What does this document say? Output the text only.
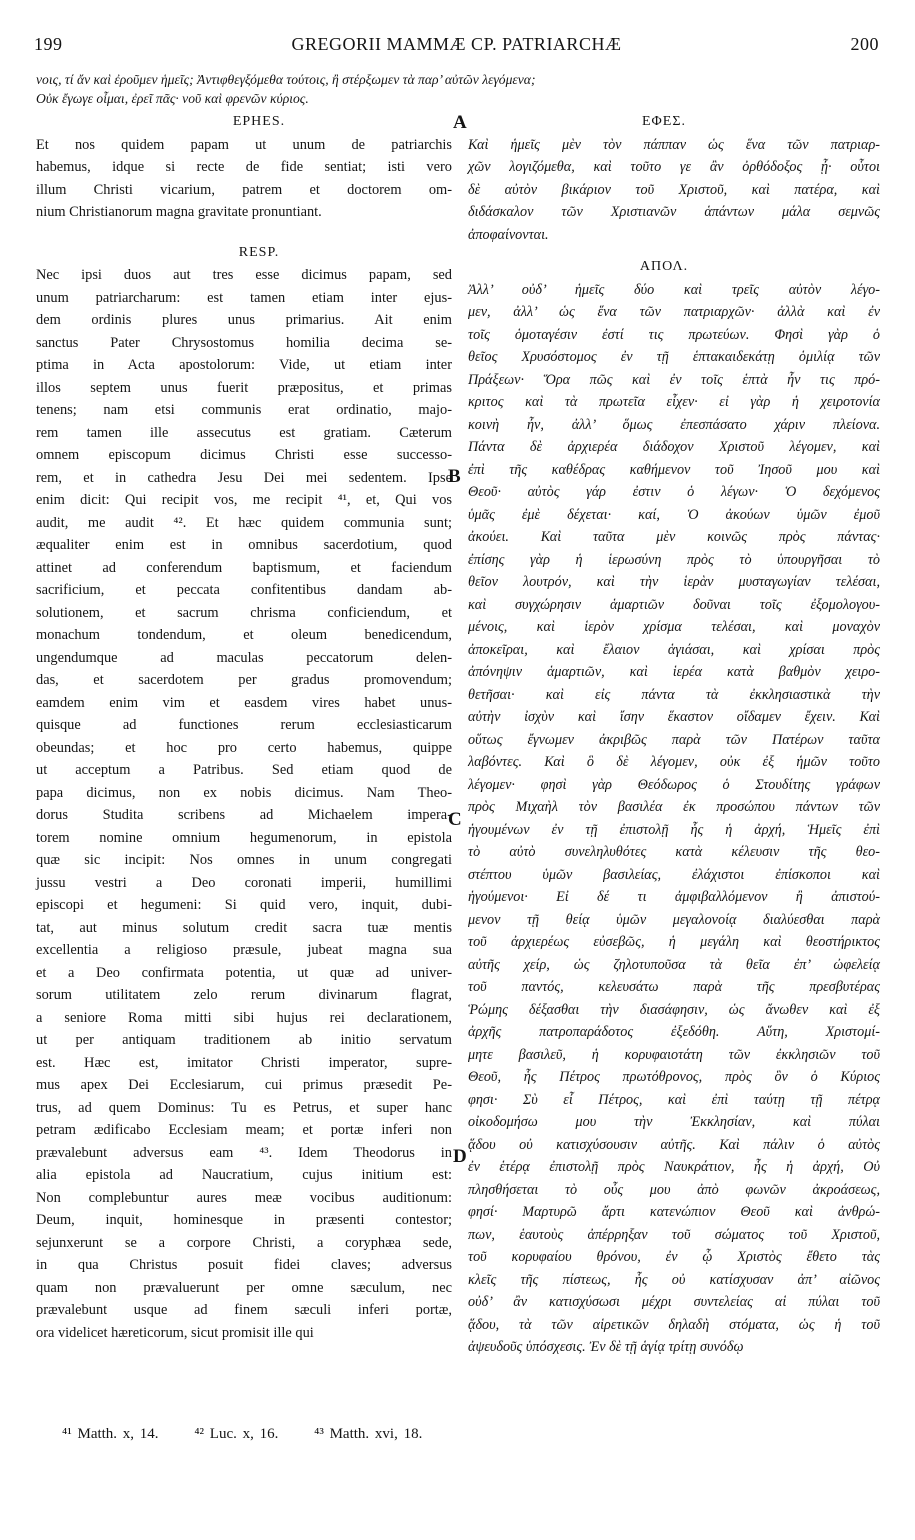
199	GREGORII MAMMÆ CP. PATRIARCHÆ	200
νοις, τί ἄν καὶ ἐροῦμεν ἡμεῖς; Ἀντιφθεγξόμεθα τούτοις, ἢ στέρξωμεν τὰ παρ’ αὐτῶν λεγόμενα;
Οὐκ ἔγωγε οἶμαι, ἐρεῖ πᾶς· νοῦ καὶ φρενῶν κύριος.
A
B
C
D
EPHES.
Et nos quidem papam ut unum de patriarchis
habemus, idque si recte de fide sentiat; isti vero
illum Christi vicarium, patrem et doctorem om-
nium Christianorum magna gravitate pronuntiant.
RESP.
Nec ipsi duos aut tres esse dicimus papam, sed
unum patriarcharum: est tamen etiam inter ejus-
dem ordinis plures unus primarius. Ait enim
sanctus Pater Chrysostomus homilia decima se-
ptima in Acta apostolorum: Vide, ut etiam inter
illos septem unus fuerit præpositus, et primas
tenens; nam etsi communis erat ordinatio, majo-
rem tamen ille assecutus est gratiam. Cæterum
omnem episcopum dicimus Christi esse successo-
rem, et in cathedra Jesu Dei mei sedentem. Ipse
enim dicit: Qui recipit vos, me recipit ⁴¹, et, Qui vos
audit, me audit ⁴². Et hæc quidem communia sunt;
æqualiter enim est in omnibus sacerdotium, quod
attinet ad conferendum baptismum, et faciendum
sacrificium, et peccata confitentibus dandam ab-
solutionem, et sacrum chrisma conficiendum, et
monachum tondendum, et oleum benedicendum,
ungendumque ad maculas peccatorum delen-
das, et sacerdotem per gradus promovendum;
eamdem enim vim et easdem vires habet unus-
quisque ad functiones rerum ecclesiasticarum
obeundas; et hoc pro certo habemus, quippe
ut acceptum a Patribus. Sed etiam quod de
papa dicimus, non ex nobis dicimus. Nam Theo-
dorus Studita scribens ad Michaelem impera-
torem nomine omnium hegumenorum, in epistola
quæ sic incipit: Nos omnes in unum congregati
jussu vestri a Deo coronati imperii, humillimi
episcopi et hegumeni: Si quid vero, inquit, dubi-
tat, aut minus solutum credit sacra tuæ mentis
excellentia a religioso præsule, jubeat magna sua
et a Deo confirmata potentia, ut quæ ad univer-
sorum utilitatem zelo rerum divinarum flagrat,
a seniore Roma mitti sibi hujus rei declarationem,
ut per antiquam traditionem ab initio servatum
est. Hæc est, imitator Christi imperator, supre-
mus apex Dei Ecclesiarum, cui primus præsedit Pe-
trus, ad quem Dominus: Tu es Petrus, et super hanc
petram ædificabo Ecclesiam meam; et portæ inferi non
prævalebunt adversus eam ⁴³. Idem Theodorus in
alia epistola ad Naucratium, cujus initium est:
Non complebuntur aures meæ vocibus auditionum:
Deum, inquit, hominesque in præsenti contestor;
sejunxerunt se a corpore Christi, a coryphæa sede,
in qua Christus posuit fidei claves; adversus
quam non prævaluerunt per omne sæculum, nec
prævalebunt usque ad finem sæculi inferi portæ,
ora videlicet hæreticorum, sicut promisit ille qui
ΕΦΕΣ.
Καὶ ἡμεῖς μὲν τὸν πάππαν ὡς ἕνα τῶν πατριαρ-
χῶν λογιζόμεθα, καὶ τοῦτο γε ἂν ὀρθόδοξος ᾖ· οὗτοι
δὲ αὐτὸν βικάριον τοῦ Χριστοῦ, καὶ πατέρα, καὶ
διδάσκαλον τῶν Χριστιανῶν ἁπάντων μάλα σεμνῶς
ἀποφαίνονται.
ΑΠΟΛ.
Ἀλλ’ οὐδ’ ἡμεῖς δύο καὶ τρεῖς αὐτὸν λέγο-
μεν, ἀλλ’ ὡς ἕνα τῶν πατριαρχῶν· ἀλλὰ καὶ ἐν
τοῖς ὁμοταγέσιν ἐστί τις πρωτεύων. Φησὶ γὰρ ὁ
θεῖος Χρυσόστομος ἐν τῇ ἑπτακαιδεκάτῃ ὁμιλίᾳ τῶν
Πράξεων· Ὅρα πῶς καὶ ἐν τοῖς ἑπτὰ ἦν τις πρό-
κριτος καὶ τὰ πρωτεῖα εἶχεν· εἰ γὰρ ἡ χειροτονία
κοινὴ ἦν, ἀλλ’ ὅμως ἐπεσπάσατο χάριν πλείονα.
Πάντα δὲ ἀρχιερέα διάδοχον Χριστοῦ λέγομεν, καὶ
ἐπὶ τῆς καθέδρας καθήμενον τοῦ Ἰησοῦ μου καὶ
Θεοῦ· αὐτὸς γάρ ἐστιν ὁ λέγων· Ὁ δεχόμενος
ὑμᾶς ἐμὲ δέχεται· καί, Ὁ ἀκούων ὑμῶν ἐμοῦ
ἀκούει. Καὶ ταῦτα μὲν κοινῶς πρὸς πάντας·
ἐπίσης γὰρ ἡ ἱερωσύνη πρὸς τὸ ὑπουργῆσαι τὸ
θεῖον λουτρόν, καὶ τὴν ἱερὰν μυσταγωγίαν τελέσαι,
καὶ συγχώρησιν ἁμαρτιῶν δοῦναι τοῖς ἐξομολογου-
μένοις, καὶ ἱερὸν χρίσμα τελέσαι, καὶ μοναχὸν
ἀποκεῖραι, καὶ ἔλαιον ἁγιάσαι, καὶ χρίσαι πρὸς
ἀπόνηψιν ἁμαρτιῶν, καὶ ἱερέα κατὰ βαθμὸν χειρο-
θετῆσαι· καὶ εἰς πάντα τὰ ἐκκλησιαστικὰ τὴν
αὐτὴν ἰσχὺν καὶ ἴσην ἕκαστον οἴδαμεν ἔχειν. Καὶ
οὕτως ἔγνωμεν ἀκριβῶς παρὰ τῶν Πατέρων ταῦτα
λαβόντες. Καὶ ὃ δὲ λέγομεν, οὐκ ἐξ ἡμῶν τοῦτο
λέγομεν· φησὶ γὰρ Θεόδωρος ὁ Στουδίτης γράφων
πρὸς Μιχαὴλ τὸν βασιλέα ἐκ προσώπου πάντων τῶν
ἡγουμένων ἐν τῇ ἐπιστολῇ ἧς ἡ ἀρχή, Ἡμεῖς ἐπὶ
τὸ αὐτὸ συνεληλυθότες κατὰ κέλευσιν τῆς θεο-
στέπτου ὑμῶν βασιλείας, ἐλάχιστοι ἐπίσκοποι καὶ
ἡγούμενοι· Εἰ δέ τι ἀμφιβαλλόμενον ἢ ἀπιστού-
μενον τῇ θείᾳ ὑμῶν μεγαλονοίᾳ διαλύεσθαι παρὰ
τοῦ ἀρχιερέως εὐσεβῶς, ἡ μεγάλη καὶ θεοστήρικτος
αὐτῆς χείρ, ὡς ζηλοτυποῦσα τὰ θεῖα ἐπ’ ὠφελείᾳ
τοῦ παντός, κελευσάτω παρὰ τῆς πρεσβυτέρας
Ῥώμης δέξασθαι τὴν διασάφησιν, ὡς ἄνωθεν καὶ ἐξ
ἀρχῆς πατροπαράδοτος ἐξεδόθη. Αὕτη, Χριστομί-
μητε βασιλεῦ, ἡ κορυφαιοτάτη τῶν ἐκκλησιῶν τοῦ
Θεοῦ, ἧς Πέτρος πρωτόθρονος, πρὸς ὃν ὁ Κύριος
φησι· Σὺ εἶ Πέτρος, καὶ ἐπὶ ταύτῃ τῇ πέτρᾳ
οἰκοδομήσω μου τὴν Ἐκκλησίαν, καὶ πύλαι
ᾅδου οὐ κατισχύσουσιν αὐτῆς. Καὶ πάλιν ὁ αὐτὸς
ἐν ἑτέρᾳ ἐπιστολῇ πρὸς Ναυκράτιον, ἧς ἡ ἀρχή, Οὐ
πλησθήσεται τὸ οὖς μου ἀπὸ φωνῶν ἀκροάσεως,
φησί· Μαρτυρῶ ἄρτι κατενώπιον Θεοῦ καὶ ἀνθρώ-
πων, ἑαυτοὺς ἀπέρρηξαν τοῦ σώματος τοῦ Χριστοῦ,
τοῦ κορυφαίου θρόνου, ἐν ᾧ Χριστὸς ἔθετο τὰς
κλεῖς τῆς πίστεως, ἧς οὐ κατίσχυσαν ἀπ’ αἰῶνος
οὐδ’ ἂν κατισχύσωσι μέχρι συντελείας αἱ πύλαι τοῦ
ᾅδου, τὰ τῶν αἱρετικῶν δηλαδὴ στόματα, ὡς ἡ τοῦ
ἀψευδοῦς ὑπόσχεσις. Ἐν δὲ τῇ ἁγίᾳ τρίτῃ συνόδῳ
⁴¹ Matth. x, 14. ⁴² Luc. x, 16. ⁴³ Matth. xvi, 18.
